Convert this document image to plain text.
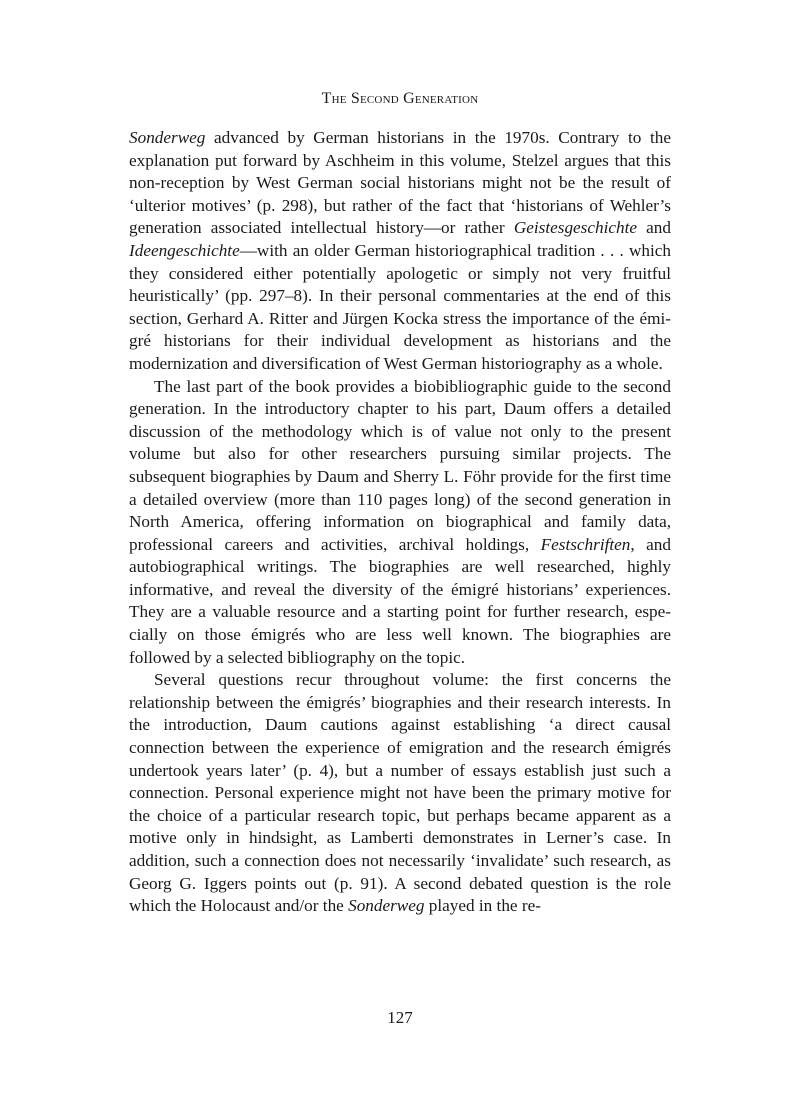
The Second Generation

Sonderweg advanced by German historians in the 1970s. Contrary to the explanation put forward by Aschheim in this volume, Stelzel argues that this non-reception by West German social historians might not be the result of ‘ulterior motives’ (p. 298), but rather of the fact that ‘historians of Wehler’s generation associated intellectual history—or rather Geistesgeschichte and Ideengeschichte—with an older German historiographical tradition . . . which they considered either potentially apologetic or simply not very fruitful heuristically’ (pp. 297–8). In their personal commentaries at the end of this section, Gerhard A. Ritter and Jürgen Kocka stress the importance of the émigré historians for their individual development as historians and the modernization and diversification of West German historiography as a whole.

The last part of the book provides a biobibliographic guide to the second generation. In the introductory chapter to his part, Daum offers a detailed discussion of the methodology which is of value not only to the present volume but also for other researchers pursuing similar projects. The subsequent biographies by Daum and Sherry L. Föhr provide for the first time a detailed overview (more than 110 pages long) of the second generation in North America, offering information on biographical and family data, professional careers and activities, archival holdings, Festschriften, and autobiographical writings. The biographies are well researched, highly informative, and reveal the diversity of the émigré historians’ experiences. They are a valuable resource and a starting point for further research, especially on those émigrés who are less well known. The biographies are followed by a selected bibliography on the topic.

Several questions recur throughout volume: the first concerns the relationship between the émigrés’ biographies and their research interests. In the introduction, Daum cautions against establishing ‘a direct causal connection between the experience of emigration and the research émigrés undertook years later’ (p. 4), but a number of essays establish just such a connection. Personal experience might not have been the primary motive for the choice of a particular research topic, but perhaps became apparent as a motive only in hindsight, as Lamberti demonstrates in Lerner’s case. In addition, such a connection does not necessarily ‘invalidate’ such research, as Georg G. Iggers points out (p. 91). A second debated question is the role which the Holocaust and/or the Sonderweg played in the re-

127
